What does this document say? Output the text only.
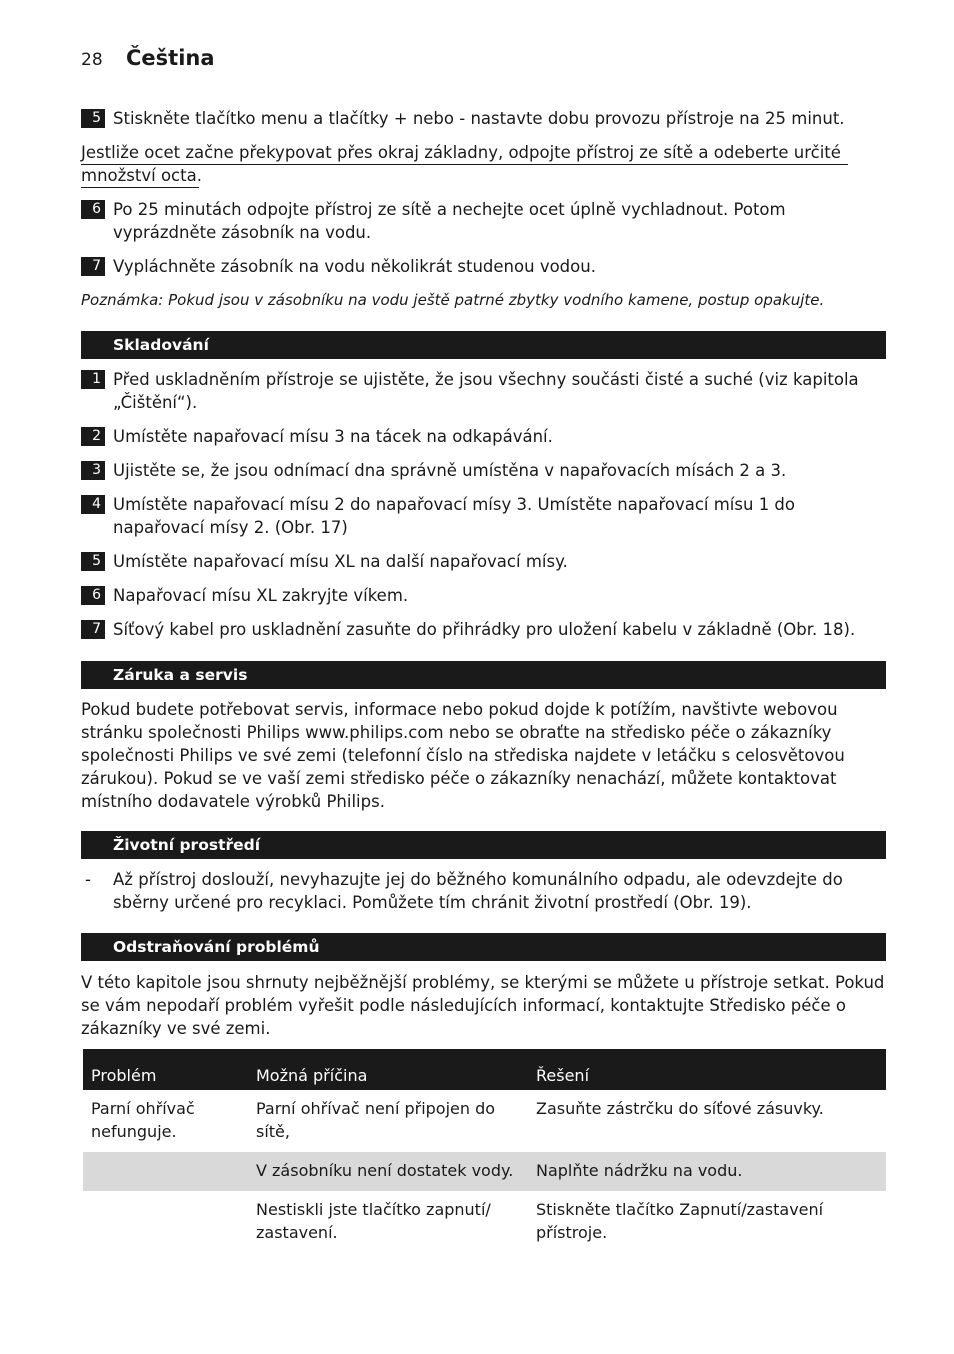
28 Čeština
5 Stiskněte tlačítko menu a tlačítky + nebo - nastavte dobu provozu přístroje na 25 minut.
Jestliže ocet začne překypovat přes okraj základny, odpojte přístroj ze sítě a odeberte určité množství octa.
6 Po 25 minutách odpojte přístroj ze sítě a nechejte ocet úplně vychladnout. Potom vyprázdněte zásobník na vodu.
7 Vypláchněte zásobník na vodu několikrát studenou vodou.
Poznámka: Pokud jsou v zásobníku na vodu ještě patrné zbytky vodního kamene, postup opakujte.
Skladování
1 Před uskladněním přístroje se ujistěte, že jsou všechny součásti čisté a suché (viz kapitola „Čištění“).
2 Umístěte napařovací mísu 3 na tácek na odkapávání.
3 Ujistěte se, že jsou odnímací dna správně umístěna v napařovacích mísách 2 a 3.
4 Umístěte napařovací mísu 2 do napařovací mísy 3. Umístěte napařovací mísu 1 do napařovací mísy 2. (Obr. 17)
5 Umístěte napařovací mísu XL na další napařovací mísy.
6 Napařovací mísu XL zakryjte víkem.
7 Síťový kabel pro uskladnění zasuňte do přihrádky pro uložení kabelu v základně (Obr. 18).
Záruka a servis
Pokud budete potřebovat servis, informace nebo pokud dojde k potížím, navštivte webovou stránku společnosti Philips www.philips.com nebo se obraťte na středisko péče o zákazníky společnosti Philips ve své zemi (telefonní číslo na střediska najdete v letáčku s celosvětovou zárukou). Pokud se ve vaší zemi středisko péče o zákazníky nenachází, můžete kontaktovat místního dodavatele výrobků Philips.
Životní prostředí
- Až přístroj doslouží, nevyhazujte jej do běžného komunálního odpadu, ale odevzdejte do sběrny určené pro recyklaci. Pomůžete tím chránit životní prostředí (Obr. 19).
Odstraňování problémů
V této kapitole jsou shrnuty nejběžnější problémy, se kterými se můžete u přístroje setkat. Pokud se vám nepodaří problém vyřešit podle následujících informací, kontaktujte Středisko péče o zákazníky ve své zemi.
Problém	Možná příčina	Řešení
Parní ohřívač nefunguje.	Parní ohřívač není připojen do sítě,	Zasuňte zástrčku do síťové zásuvky.
	V zásobníku není dostatek vody.	Naplňte nádržku na vodu.
	Nestiskli jste tlačítko zapnutí/ zastavení.	Stiskněte tlačítko Zapnutí/zastavení přístroje.
